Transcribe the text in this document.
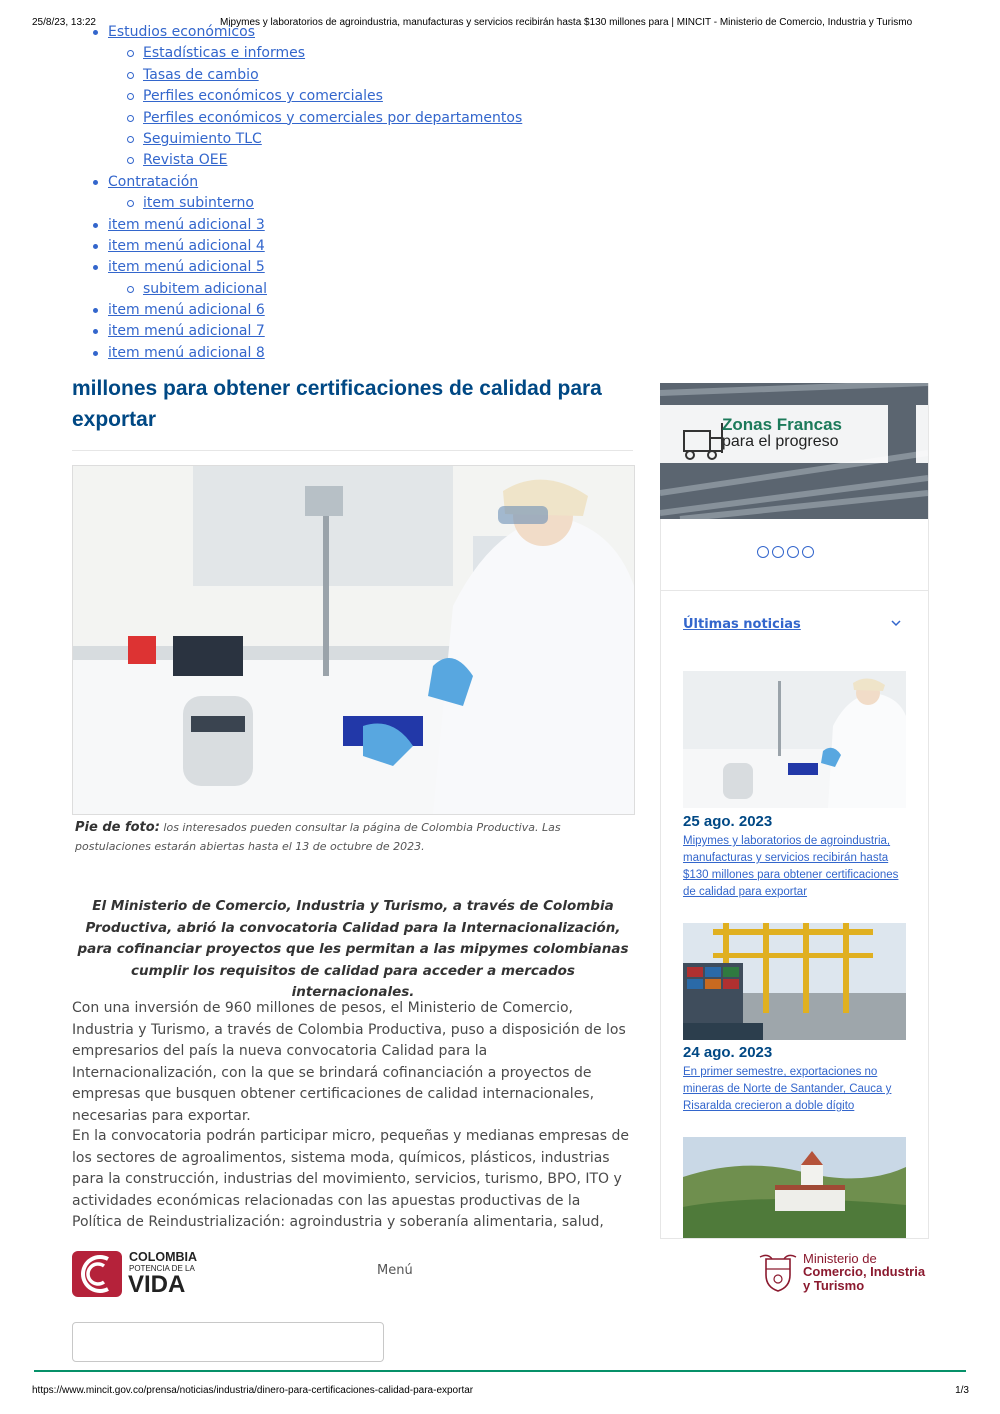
25/8/23, 13:22	Mipymes y laboratorios de agroindustria, manufacturas y servicios recibirán hasta $130 millones para | MINCIT - Ministerio de Comercio, Industria y Turismo
Estudios económicos
Estadísticas e informes
Tasas de cambio
Perfiles económicos y comerciales
Perfiles económicos y comerciales por departamentos
Seguimiento TLC
Revista OEE
Contratación
item subinterno
item menú adicional 3
item menú adicional 4
item menú adicional 5
subitem adicional
item menú adicional 6
item menú adicional 7
item menú adicional 8
millones para obtener certificaciones de calidad para exportar
Pie de foto: los interesados pueden consultar la página de Colombia Productiva. Las postulaciones estarán abiertas hasta el 13 de octubre de 2023.
El Ministerio de Comercio, Industria y Turismo, a través de Colombia Productiva, abrió la convocatoria Calidad para la Internacionalización, para cofinanciar proyectos que les permitan a las mipymes colombianas cumplir los requisitos de calidad para acceder a mercados internacionales.
Con una inversión de 960 millones de pesos, el Ministerio de Comercio, Industria y Turismo, a través de Colombia Productiva, puso a disposición de los empresarios del país la nueva convocatoria Calidad para la Internacionalización, con la que se brindará cofinanciación a proyectos de empresas que busquen obtener certificaciones de calidad internacionales, necesarias para exportar.
En la convocatoria podrán participar micro, pequeñas y medianas empresas de los sectores de agroalimentos, sistema moda, químicos, plásticos, industrias para la construcción, industrias del movimiento, servicios, turismo, BPO, ITO y actividades económicas relacionadas con las apuestas productivas de la Política de Reindustrialización: agroindustria y soberanía alimentaria, salud,
Zonas Francas
para el progreso
Últimas noticias
25 ago. 2023
Mipymes y laboratorios de agroindustria, manufacturas y servicios recibirán hasta $130 millones para obtener certificaciones de calidad para exportar
24 ago. 2023
En primer semestre, exportaciones no mineras de Norte de Santander, Cauca y Risaralda crecieron a doble dígito
COLOMBIA
POTENCIA DE LA
VIDA
Menú
Ministerio de
Comercio, Industria
y Turismo
https://www.mincit.gov.co/prensa/noticias/industria/dinero-para-certificaciones-calidad-para-exportar	1/3
